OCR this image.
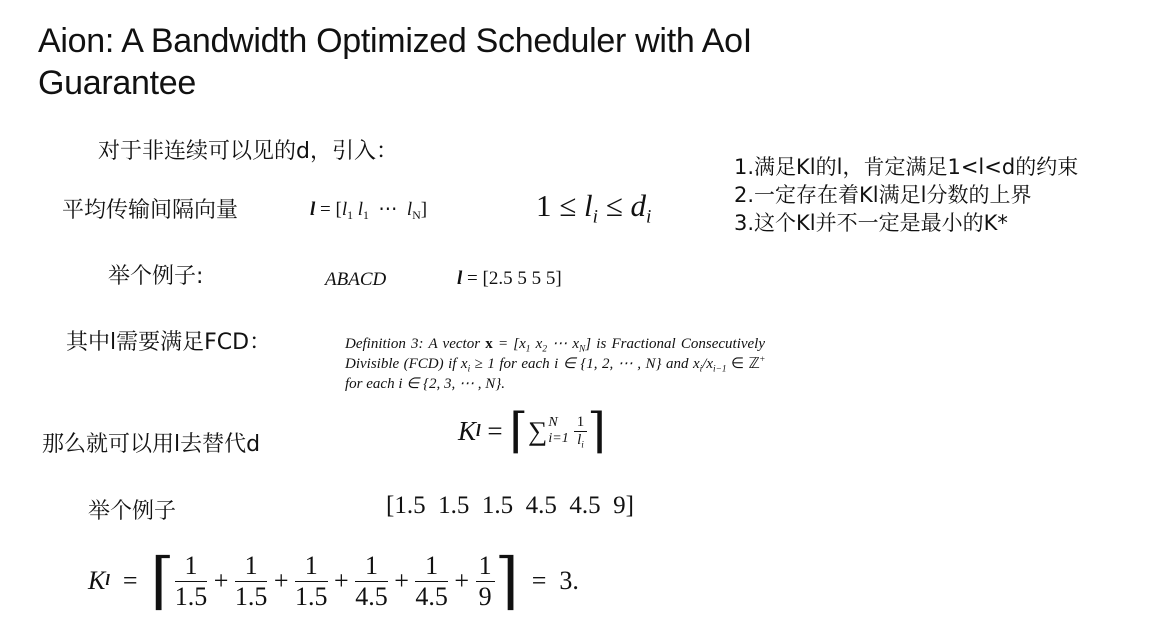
Aion: A Bandwidth Optimized Scheduler with AoI
Guarantee
对于非连续可以见的d，引入：
1.满足Kl的l，肯定满足1<l<d的约束
2.一定存在着Kl满足l分数的上界
3.这个Kl并不一定是最小的K*
平均传输间隔向量	$l = [l_1$ $l_1$ ⋯ $l_N$]	$1 \le l_i \le d_i$
举个例子:	ABACD	l = [2.5 5 5 5]
其中l需要满足FCD：	Definition 3: A vector $x = [x_1$ $x_2$ ⋯ $x_N$] is Fractional Consecutively Divisible (FCD) if $x_i \ge 1$ for each i ∈ {1, 2, ⋯ , N} and $x_i/x_{i-1}$ ∈ ℤ+ for each i ∈ {2, 3, ⋯ , N}.
那么就可以用l去替代d	K l
=
⌈ ∑ N
$i=1 \frac{1}{l_i}$ ⌉
举个例子	[1.5  1.5  1.5  4.5  4.5  9]
K l
=
⌈ $\frac{1}{1.5}$
+
$\frac{1}{1.5}$
+
$\frac{1}{1.5}$
+
$\frac{1}{4.5}$
+
$\frac{1}{4.5}$
+
$\frac{1}{9}$ ⌉
=  3.
